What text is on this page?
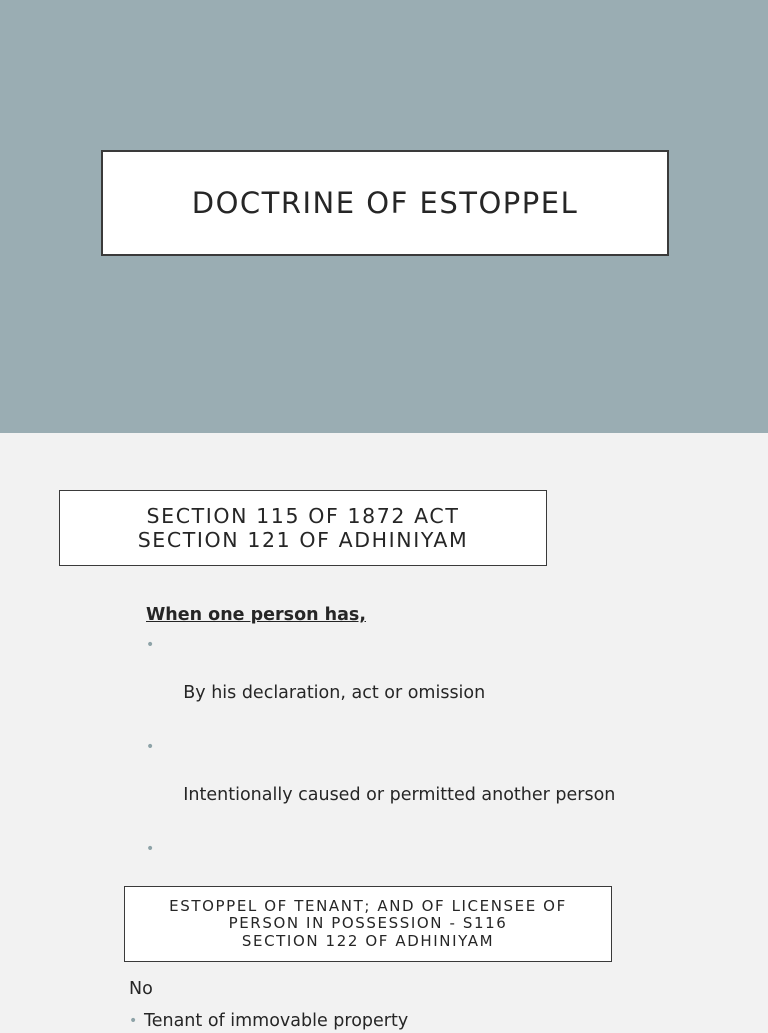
DOCTRINE OF ESTOPPEL
SECTION 115 OF 1872 ACT
SECTION 121 OF ADHINIYAM
When one person has,

•

By his declaration, act or omission

•

Intentionally caused or permitted another person

•

ESTOPPEL OF TENANT; AND OF LICENSEE OF
PERSON IN POSSESSION - S116
SECTION 122 OF ADHINIYAM
No
• Tenant of immovable property
